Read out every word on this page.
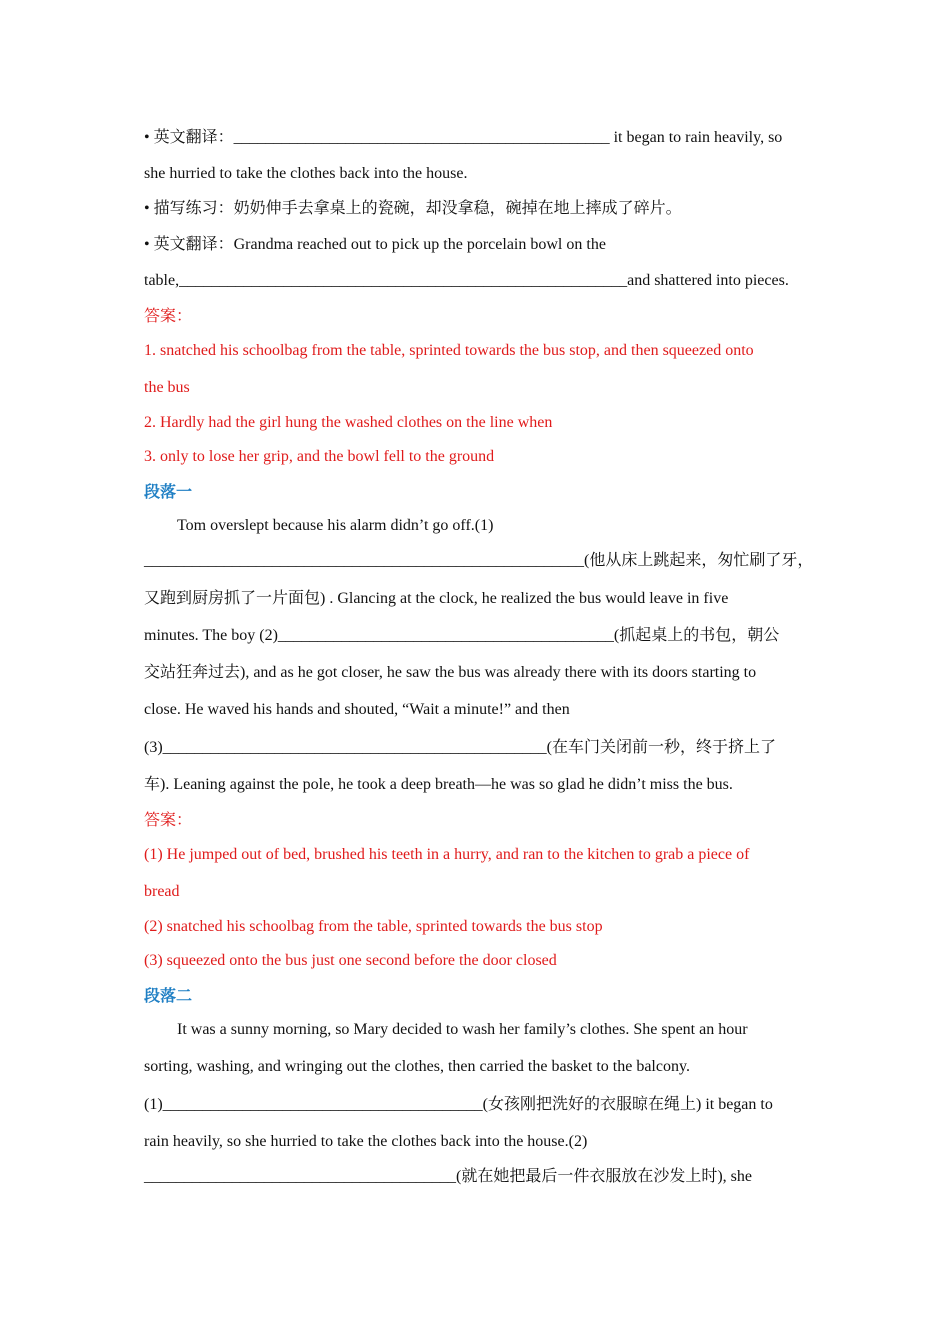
• 英文翻译：_______________________________________________ it began to rain heavily, so
she hurried to take the clothes back into the house.
• 描写练习：奶奶伸手去拿桌上的瓷碗，却没拿稳，碗掉在地上摔成了碎片。
• 英文翻译：Grandma reached out to pick up the porcelain bowl on the
table,________________________________________________________and shattered into pieces.
答案：
1. snatched his schoolbag from the table, sprinted towards the bus stop, and then squeezed onto
the bus
2. Hardly had the girl hung the washed clothes on the line when
3. only to lose her grip, and the bowl fell to the ground
段落一
Tom overslept because his alarm didn’t go off.(1)
_______________________________________________________(他从床上跳起来，匆忙刷了牙，
又跑到厨房抓了一片面包) . Glancing at the clock, he realized the bus would leave in five
minutes. The boy (2)__________________________________________(抓起桌上的书包，朝公
交站狂奔过去), and as he got closer, he saw the bus was already there with its doors starting to
close. He waved his hands and shouted, “Wait a minute!” and then
(3)________________________________________________(在车门关闭前一秒，终于挤上了
车). Leaning against the pole, he took a deep breath—he was so glad he didn’t miss the bus.
答案：
(1) He jumped out of bed, brushed his teeth in a hurry, and ran to the kitchen to grab a piece of
bread
(2) snatched his schoolbag from the table, sprinted towards the bus stop
(3) squeezed onto the bus just one second before the door closed
段落二
It was a sunny morning, so Mary decided to wash her family’s clothes. She spent an hour
sorting, washing, and wringing out the clothes, then carried the basket to the balcony.
(1)________________________________________(女孩刚把洗好的衣服晾在绳上) it began to
rain heavily, so she hurried to take the clothes back into the house.(2)
_______________________________________(就在她把最后一件衣服放在沙发上时), she
